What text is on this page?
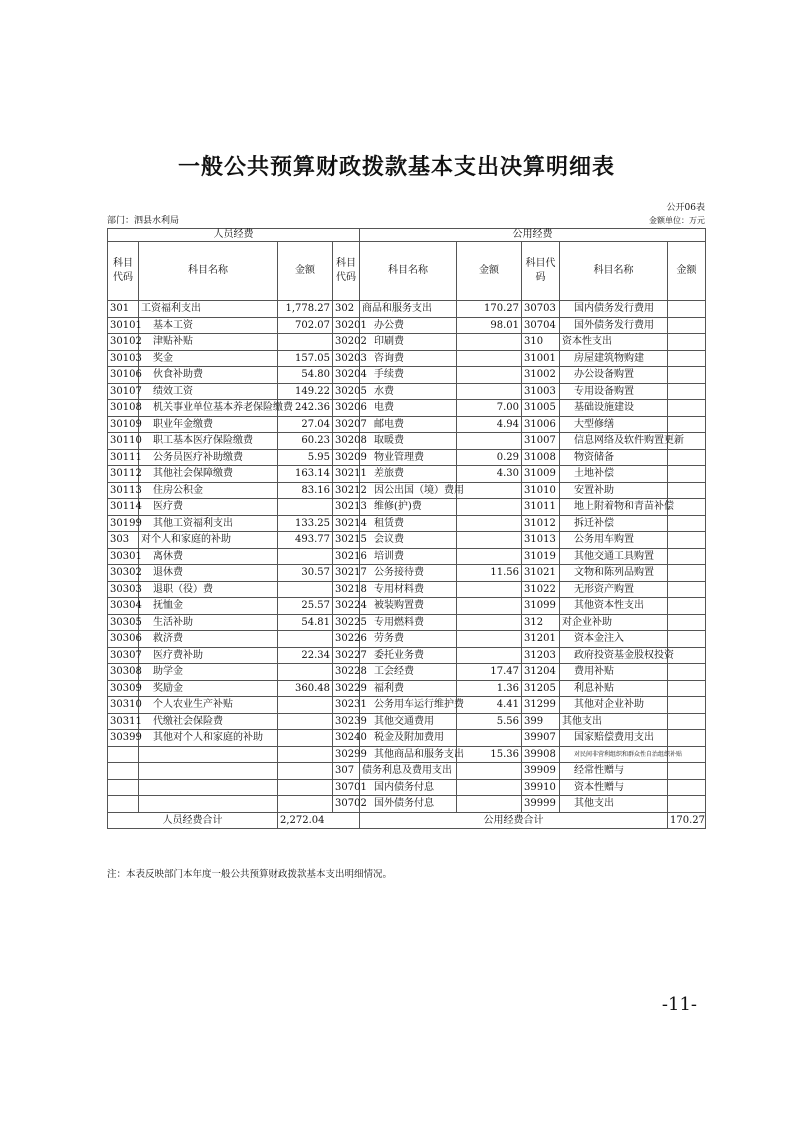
一般公共预算财政拨款基本支出决算明细表
公开06表
部门：泗县水利局	金额单位：万元
人员经费				公用经费				
科目代码	科目名称	金额	科目代码	科目名称	金额	科目代码	科目名称	金额
301	工资福利支出	1,778.27	302	商品和服务支出	170.27	30703	国内债务发行费用	
30101	基本工资	702.07	30201	办公费	98.01	30704	国外债务发行费用	
30102	津贴补贴		30202	印刷费		310	资本性支出	
30103	奖金	157.05	30203	咨询费		31001	房屋建筑物购建	
30106	伙食补助费	54.80	30204	手续费		31002	办公设备购置	
30107	绩效工资	149.22	30205	水费		31003	专用设备购置	
30108	机关事业单位基本养老保险缴费	242.36	30206	电费	7.00	31005	基础设施建设	
30109	职业年金缴费	27.04	30207	邮电费	4.94	31006	大型修缮	
30110	职工基本医疗保险缴费	60.23	30208	取暖费		31007	信息网络及软件购置更新	
30111	公务员医疗补助缴费	5.95	30209	物业管理费	0.29	31008	物资储备	
30112	其他社会保障缴费	163.14	30211	差旅费	4.30	31009	土地补偿	
30113	住房公积金	83.16	30212	因公出国（境）费用		31010	安置补助	
30114	医疗费		30213	维修(护)费		31011	地上附着物和青苗补偿	
30199	其他工资福利支出	133.25	30214	租赁费		31012	拆迁补偿	
303	对个人和家庭的补助	493.77	30215	会议费		31013	公务用车购置	
30301	离休费		30216	培训费		31019	其他交通工具购置	
30302	退休费	30.57	30217	公务接待费	11.56	31021	文物和陈列品购置	
30303	退职（役）费		30218	专用材料费		31022	无形资产购置	
30304	抚恤金	25.57	30224	被装购置费		31099	其他资本性支出	
30305	生活补助	54.81	30225	专用燃料费		312	对企业补助	
30306	救济费		30226	劳务费		31201	资本金注入	
30307	医疗费补助	22.34	30227	委托业务费		31203	政府投资基金股权投资	
30308	助学金		30228	工会经费	17.47	31204	费用补贴	
30309	奖励金	360.48	30229	福利费	1.36	31205	利息补贴	
30310	个人农业生产补贴		30231	公务用车运行维护费	4.41	31299	其他对企业补助	
30311	代缴社会保险费		30239	其他交通费用	5.56	399	其他支出	
30399	其他对个人和家庭的补助		30240	税金及附加费用		39907	国家赔偿费用支出	
			30299	其他商品和服务支出	15.36	39908	对民间非营利组织和群众性自治组织补贴	
			307	债务利息及费用支出		39909	经常性赠与	
			30701	国内债务付息		39910	资本性赠与	
			30702	国外债务付息		39999	其他支出	
人员经费合计		2,272.04		公用经费合计				170.27
注：本表反映部门本年度一般公共预算财政拨款基本支出明细情况。
-11-
